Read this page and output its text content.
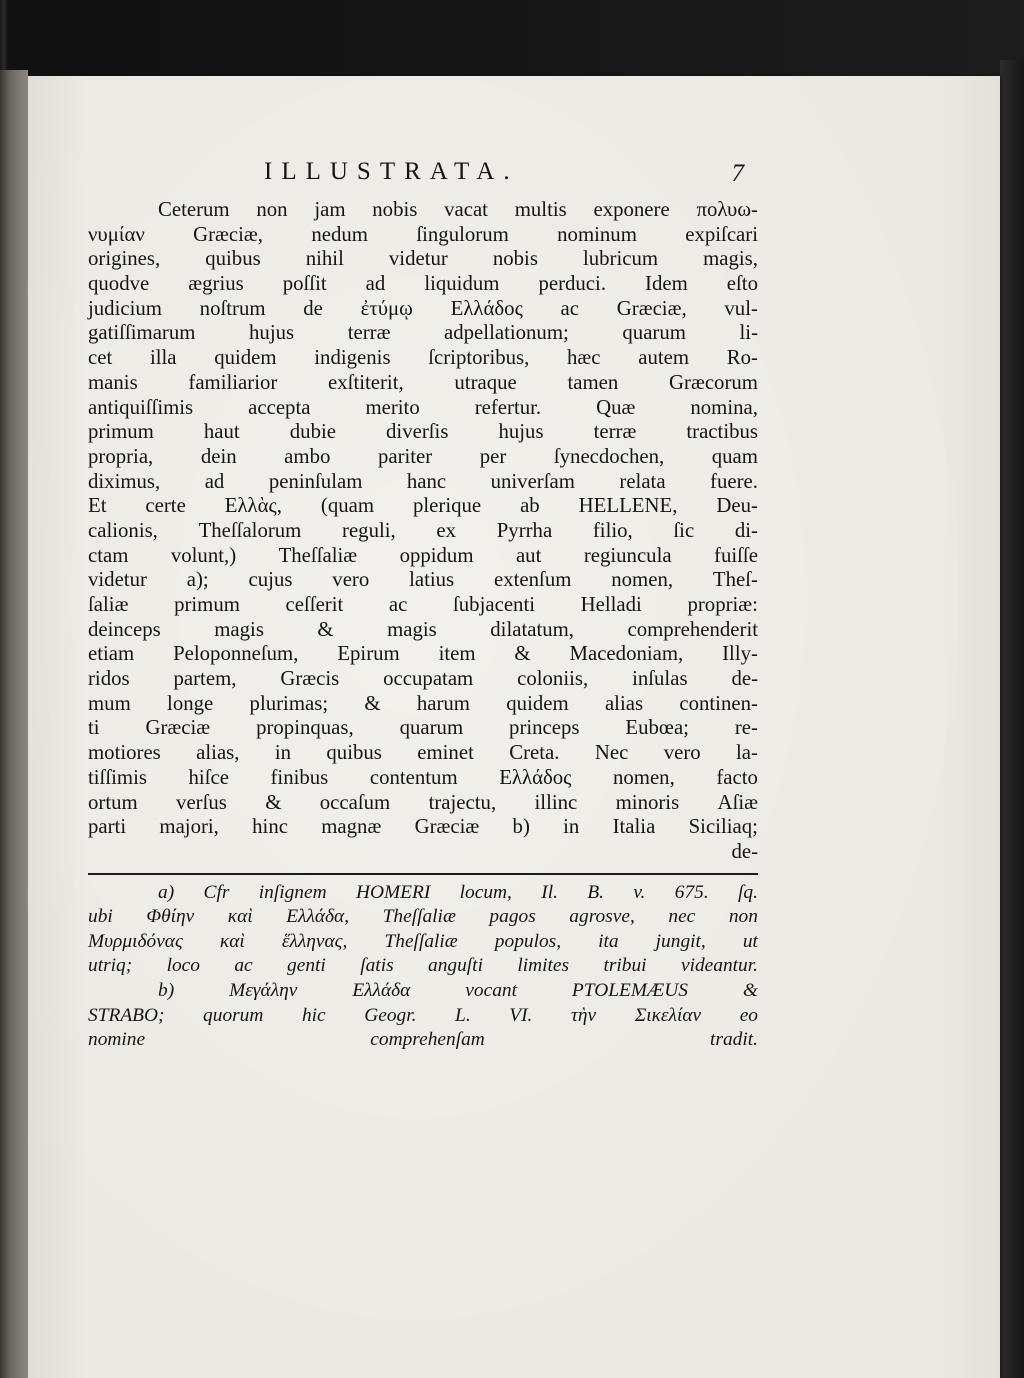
ILLUSTRATA.	7
Ceterum non jam nobis vacat multis exponere πολυω-
νυμίαν Græciæ, nedum ſingulorum nominum expiſcari
origines, quibus nihil videtur nobis lubricum magis,
quodve ægrius poſſit ad liquidum perduci. Idem eſto
judicium noſtrum de ἐτύμῳ Ελλάδος ac Græciæ, vul-
gatiſſimarum	hujus	terræ	adpellationum;	quarum	li-
cet illa quidem indigenis ſcriptoribus, hæc autem Ro-
manis familiarior exſtiterit, utraque tamen Græcorum
antiquiſſimis	accepta	merito	refertur.	Quæ	nomina,
primum haut dubie diverſis hujus terræ tractibus
propria, dein ambo pariter per ſynecdochen, quam
diximus, ad peninſulam hanc univerſam relata fuere.
Et certe Ελλὰς, (quam plerique ab HELLENE, Deu-
calionis, Theſſalorum reguli, ex Pyrrha filio, ſic di-
ctam volunt,) Theſſaliæ oppidum aut regiuncula fuiſſe
videtur a); cujus vero latius extenſum nomen, Theſ-
ſaliæ primum ceſſerit ac ſubjacenti Helladi propriæ:
deinceps	magis	&	magis	dilatatum,	comprehenderit
etiam Peloponneſum, Epirum item & Macedoniam, Illy-
ridos partem, Græcis occupatam coloniis, inſulas de-
mum longe plurimas; & harum quidem alias continen-
ti Græciæ propinquas, quarum princeps Eubœa; re-
motiores alias, in quibus eminet Creta. Nec vero la-
tiſſimis hiſce finibus contentum Ελλάδος nomen, facto
ortum verſus & occaſum trajectu, illinc minoris Aſiæ
parti majori, hinc magnæ Græciæ b) in Italia Siciliaq;
de-
a) Cfr inſignem HOMERI locum, Il. B. v. 675. ſq.
ubi Φθίην καὶ Ελλάδα, Theſſaliæ pagos agrosve, nec non
Μυρμιδόνας καὶ ἕλληνας, Theſſaliæ populos, ita jungit, ut
utriq; loco ac genti ſatis anguſti limites tribui videantur.
b)	Μεγάλην	Ελλάδα	vocant	PTOLEMÆUS	&
STRABO; quorum hic Geogr. L. VI. τὴν Σικελίαν eo
nomine	comprehenſam	tradit.
